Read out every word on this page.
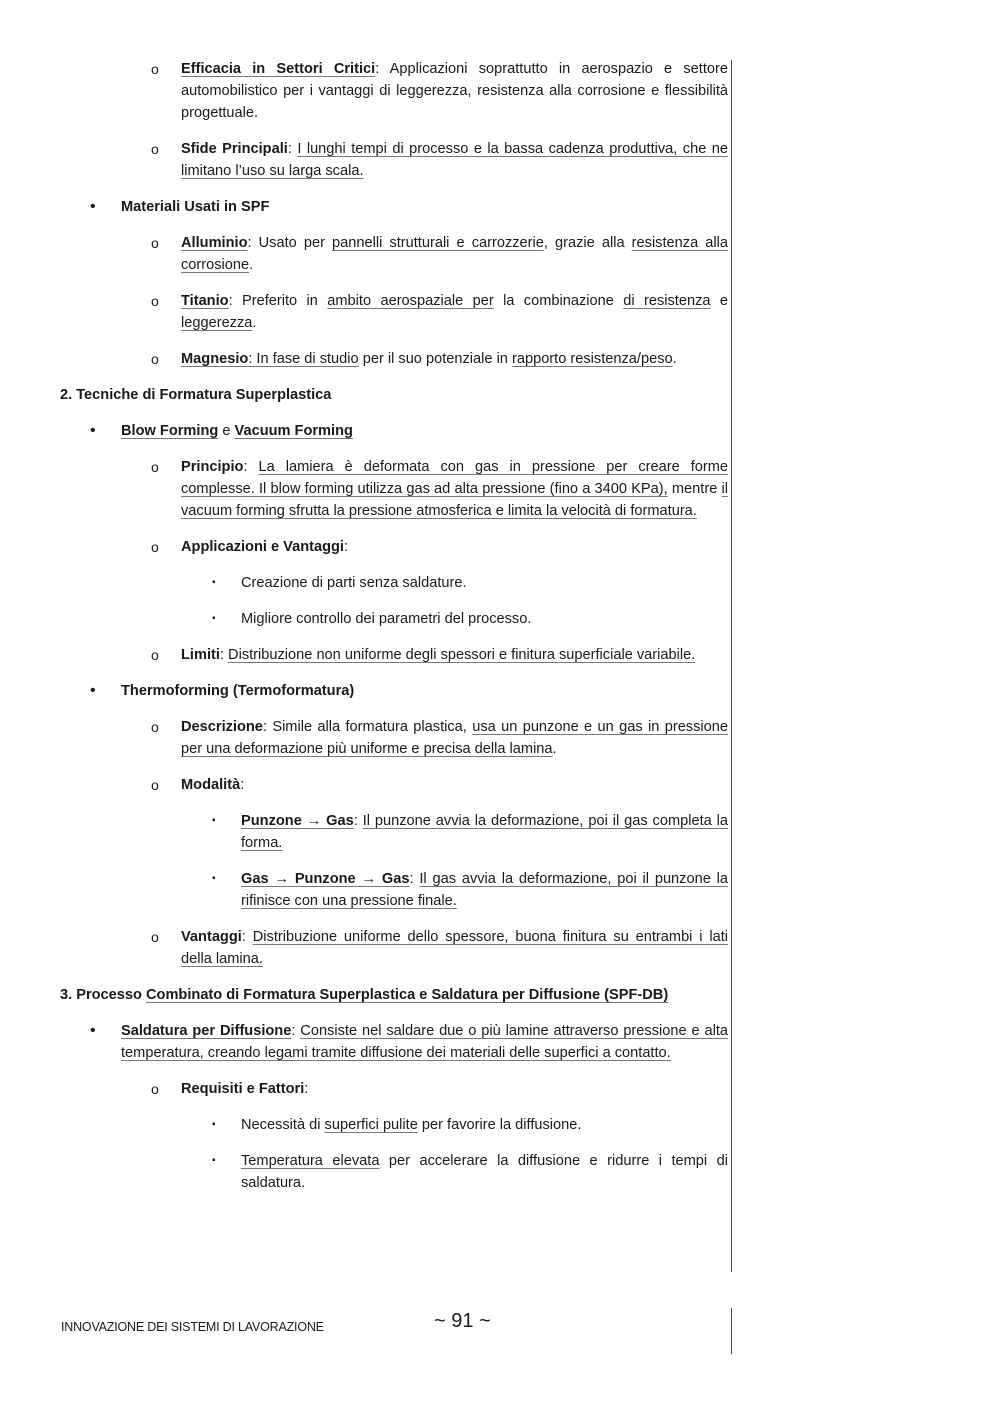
o Efficacia in Settori Critici: Applicazioni soprattutto in aerospazio e settore automobilistico per i vantaggi di leggerezza, resistenza alla corrosione e flessibilità progettuale.
o Sfide Principali: I lunghi tempi di processo e la bassa cadenza produttiva, che ne limitano l’uso su larga scala.
• Materiali Usati in SPF
o Alluminio: Usato per pannelli strutturali e carrozzerie, grazie alla resistenza alla corrosione.
o Titanio: Preferito in ambito aerospaziale per la combinazione di resistenza e leggerezza.
o Magnesio: In fase di studio per il suo potenziale in rapporto resistenza/peso.
2. Tecniche di Formatura Superplastica
• Blow Forming e Vacuum Forming
o Principio: La lamiera è deformata con gas in pressione per creare forme complesse. Il blow forming utilizza gas ad alta pressione (fino a 3400 KPa), mentre il vacuum forming sfrutta la pressione atmosferica e limita la velocità di formatura.
o Applicazioni e Vantaggi:
▪ Creazione di parti senza saldature.
▪ Migliore controllo dei parametri del processo.
o Limiti: Distribuzione non uniforme degli spessori e finitura superficiale variabile.
• Thermoforming (Termoformatura)
o Descrizione: Simile alla formatura plastica, usa un punzone e un gas in pressione per una deformazione più uniforme e precisa della lamina.
o Modalità:
▪ Punzone → Gas: Il punzone avvia la deformazione, poi il gas completa la forma.
▪ Gas → Punzone → Gas: Il gas avvia la deformazione, poi il punzone la rifinisce con una pressione finale.
o Vantaggi: Distribuzione uniforme dello spessore, buona finitura su entrambi i lati della lamina.
3. Processo Combinato di Formatura Superplastica e Saldatura per Diffusione (SPF-DB)
• Saldatura per Diffusione: Consiste nel saldare due o più lamine attraverso pressione e alta temperatura, creando legami tramite diffusione dei materiali delle superfici a contatto.
o Requisiti e Fattori:
▪ Necessità di superfici pulite per favorire la diffusione.
▪ Temperatura elevata per accelerare la diffusione e ridurre i tempi di saldatura.
INNOVAZIONE DEI SISTEMI DI LAVORAZIONE	~ 91 ~
